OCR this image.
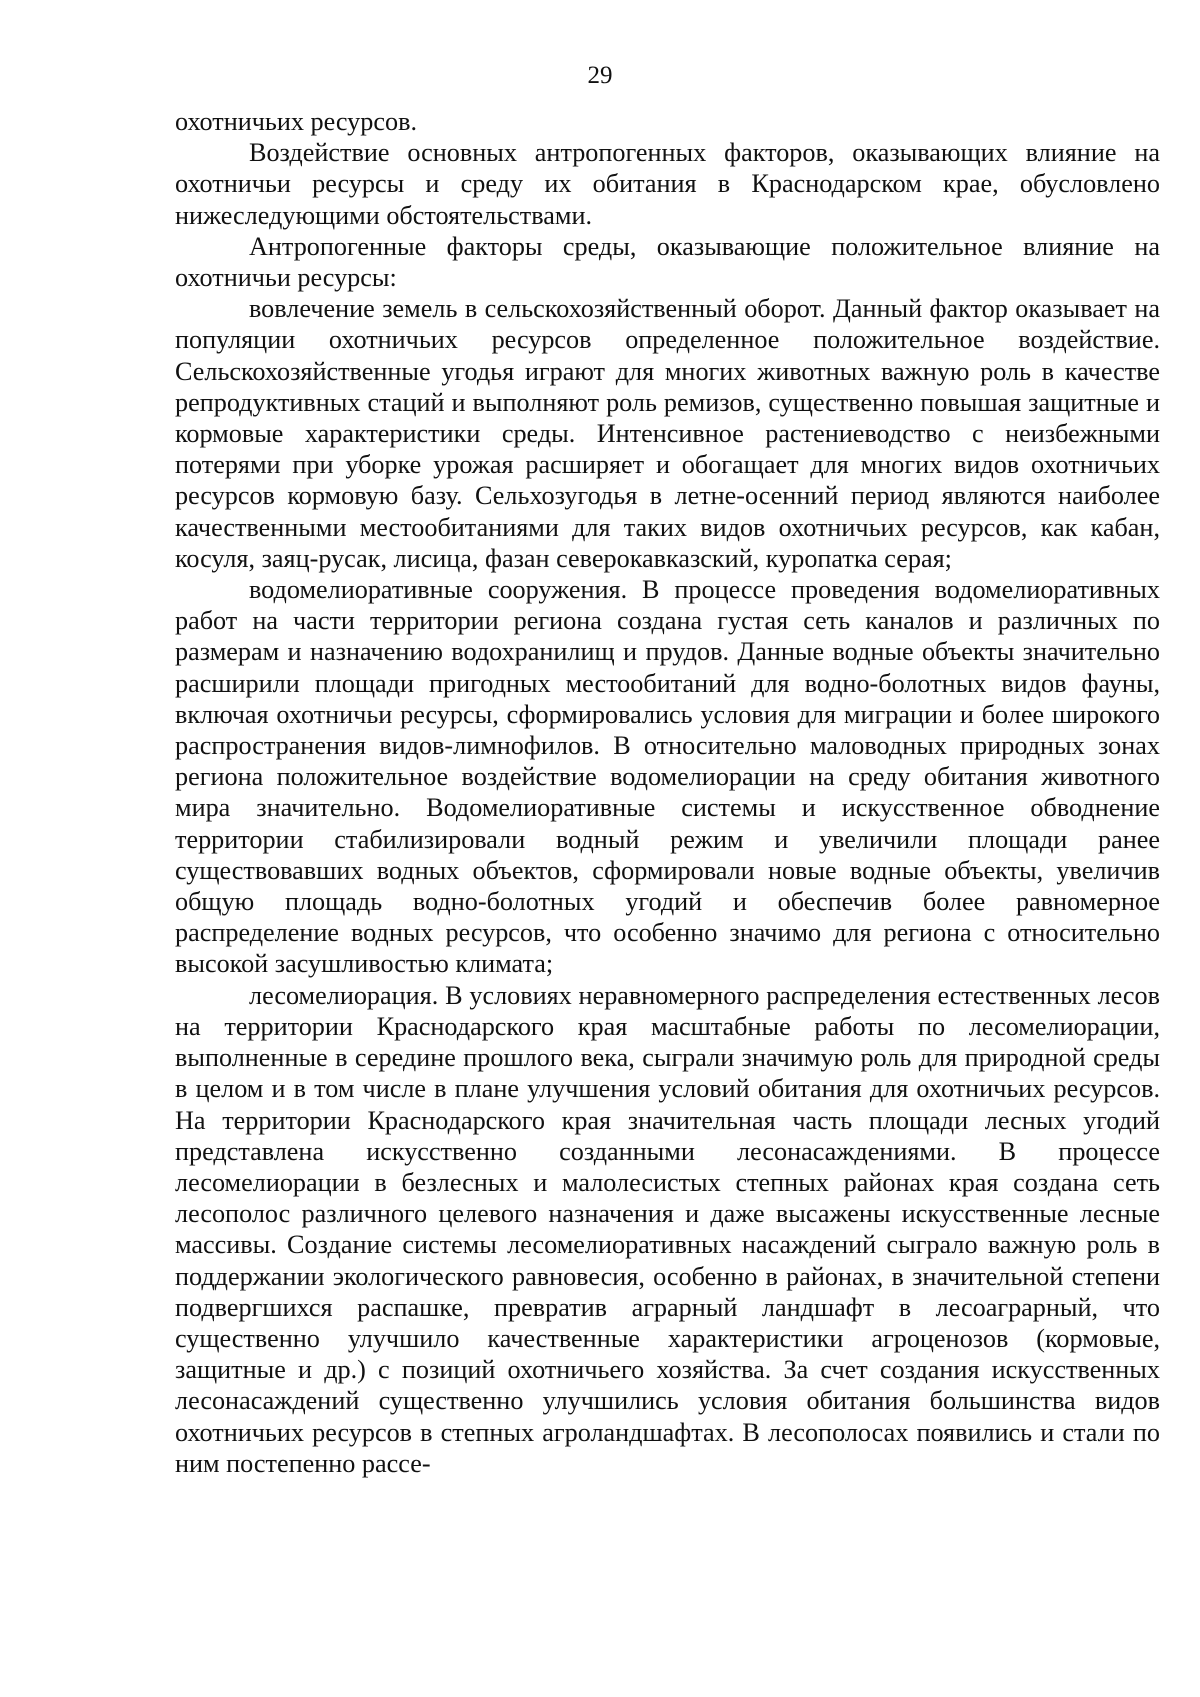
29

охотничьих ресурсов.

Воздействие основных антропогенных факторов, оказывающих влияние на охотничьи ресурсы и среду их обитания в Краснодарском крае, обусловлено нижеследующими обстоятельствами.

Антропогенные факторы среды, оказывающие положительное влияние на охотничьи ресурсы:

вовлечение земель в сельскохозяйственный оборот. Данный фактор оказывает на популяции охотничьих ресурсов определенное положительное воздействие. Сельскохозяйственные угодья играют для многих животных важную роль в качестве репродуктивных стаций и выполняют роль ремизов, существенно повышая защитные и кормовые характеристики среды. Интенсивное растениеводство с неизбежными потерями при уборке урожая расширяет и обогащает для многих видов охотничьих ресурсов кормовую базу. Сельхозугодья в летне-осенний период являются наиболее качественными местообитаниями для таких видов охотничьих ресурсов, как кабан, косуля, заяц-русак, лисица, фазан северокавказский, куропатка серая;

водомелиоративные сооружения. В процессе проведения водомелиоративных работ на части территории региона создана густая сеть каналов и различных по размерам и назначению водохранилищ и прудов. Данные водные объекты значительно расширили площади пригодных местообитаний для водно-болотных видов фауны, включая охотничьи ресурсы, сформировались условия для миграции и более широкого распространения видов-лимнофилов. В относительно маловодных природных зонах региона положительное воздействие водомелиорации на среду обитания животного мира значительно. Водомелиоративные системы и искусственное обводнение территории стабилизировали водный режим и увеличили площади ранее существовавших водных объектов, сформировали новые водные объекты, увеличив общую площадь водно-болотных угодий и обеспечив более равномерное распределение водных ресурсов, что особенно значимо для региона с относительно высокой засушливостью климата;

лесомелиорация. В условиях неравномерного распределения естественных лесов на территории Краснодарского края масштабные работы по лесомелиорации, выполненные в середине прошлого века, сыграли значимую роль для природной среды в целом и в том числе в плане улучшения условий обитания для охотничьих ресурсов. На территории Краснодарского края значительная часть площади лесных угодий представлена искусственно созданными лесонасаждениями. В процессе лесомелиорации в безлесных и малолесистых степных районах края создана сеть лесополос различного целевого назначения и даже высажены искусственные лесные массивы. Создание системы лесомелиоративных насаждений сыграло важную роль в поддержании экологического равновесия, особенно в районах, в значительной степени подвергшихся распашке, превратив аграрный ландшафт в лесоаграрный, что существенно улучшило качественные характеристики агроценозов (кормовые, защитные и др.) с позиций охотничьего хозяйства. За счет создания искусственных лесонасаждений существенно улучшились условия обитания большинства видов охотничьих ресурсов в степных агроландшафтах. В лесополосах появились и стали по ним постепенно рассе-
